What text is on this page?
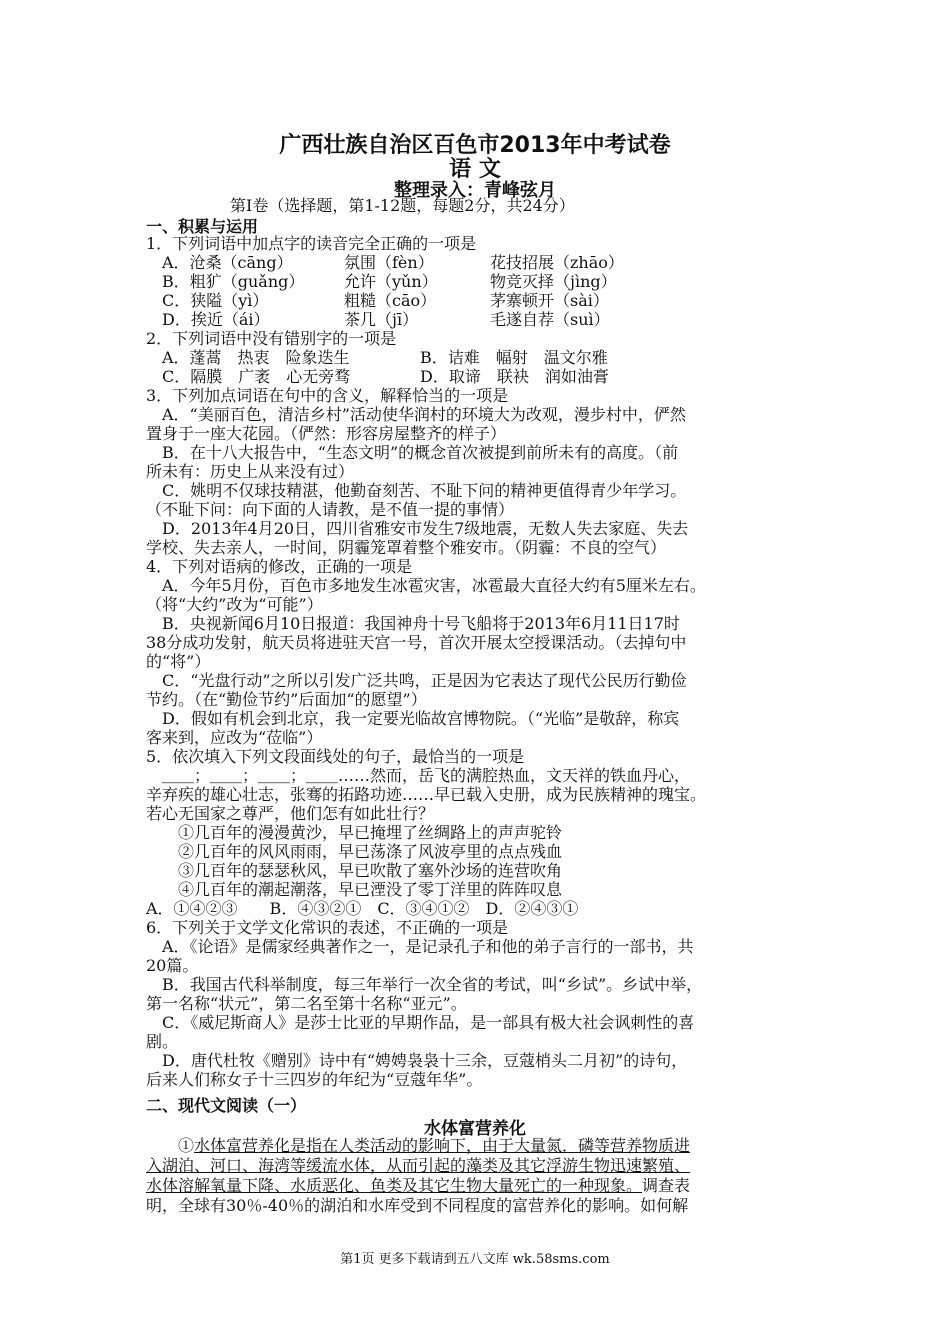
广西壮族自治区百色市2013年中考试卷
语 文
整理录入：青峰弦月
第Ⅰ卷（选择题，第1-12题，每题2分，共24分）
一、积累与运用
1．下列词语中加点字的读音完全正确的一项是
A．沧桑（cāng）	氛围（fèn）	花技招展（zhāo）
B．粗犷（guǎng） 允许（yǔn）	物竞灭择（jìng）
C．狭隘（yì）	粗糙（cāo）	茅寨顿开（sài）
D．挨近（ái）	茶几（jī）	毛遂自荐（suì）
2．下列词语中没有错别字的一项是
A．蓬蒿　热衷　险象迭生	B．诘难　幅射　温文尔雅
C．隔膜　广袤　心无旁骛	D．取谛　联袂　润如油膏
3．下列加点词语在句中的含义，解释恰当的一项是
　A．“美丽百色，清洁乡村”活动使华润村的环境大为改观，漫步村中，俨然
置身于一座大花园。（俨然：形容房屋整齐的样子）
　B．在十八大报告中，“生态文明”的概念首次被提到前所未有的高度。（前
所未有：历史上从来没有过）
　C．姚明不仅球技精湛，他勤奋刻苦、不耻下问的精神更值得青少年学习。
（不耻下问：向下面的人请教，是不值一提的事情）
　D．2013年4月20日，四川省雅安市发生7级地震，无数人失去家庭、失去
学校、失去亲人，一时间，阴霾笼罩着整个雅安市。（阴霾：不良的空气）
4．下列对语病的修改，正确的一项是
　A．今年5月份，百色市多地发生冰雹灾害，冰雹最大直径大约有5厘米左右。
（将“大约”改为“可能”）
　B．央视新闻6月10日报道：我国神舟十号飞船将于2013年6月11日17时
38分成功发射，航天员将进驻天宫一号，首次开展太空授课活动。（去掉句中
的“将”）
　C．“光盘行动”之所以引发广泛共鸣，正是因为它表达了现代公民历行勤俭
节约。（在“勤俭节约”后面加“的愿望”）
　D．假如有机会到北京，我一定要光临故宫博物院。（“光临”是敬辞，称宾
客来到，应改为“莅临”）
5．依次填入下列文段面线处的句子，最恰当的一项是
　＿＿；＿＿；＿＿；＿＿……然而，岳飞的满腔热血，文天祥的铁血丹心，
辛弃疾的雄心壮志，张骞的拓路功迹……早已载入史册，成为民族精神的瑰宝。
若心无国家之尊严，他们怎有如此壮行？
　　①几百年的漫漫黄沙，早已掩埋了丝绸路上的声声驼铃
　　②几百年的风风雨雨，早已荡涤了风波亭里的点点残血
　　③几百年的瑟瑟秋风，早已吹散了塞外沙场的连营吹角
　　④几百年的潮起潮落，早已湮没了零丁洋里的阵阵叹息
A．①④②③　　B．④③②①　C．③④①②　D．②④③①
6．下列关于文学文化常识的表述，不正确的一项是
　A．《论语》是儒家经典著作之一，是记录孔子和他的弟子言行的一部书，共
20篇。
　B．我国古代科举制度，每三年举行一次全省的考试，叫“乡试”。乡试中举，
第一名称“状元”，第二名至第十名称“亚元”。
　C．《威尼斯商人》是莎士比亚的早期作品，是一部具有极大社会讽刺性的喜
剧。
　D．唐代杜牧《赠别》诗中有“娉娉袅袅十三余，豆蔻梢头二月初”的诗句，
后来人们称女子十三四岁的年纪为“豆蔻年华”。
二、现代文阅读（一）
水体富营养化
　　①水体富营养化是指在人类活动的影响下，由于大量氮．磷等营养物质进
入湖泊、河口、海湾等缓流水体，从而引起的藻类及其它浮游生物迅速繁殖、
水体溶解氧量下降、水质恶化、鱼类及其它生物大量死亡的一种现象。调查表
明，全球有30％-40％的湖泊和水库受到不同程度的富营养化的影响。如何解
第1页 更多下载请到五八文库 wk.58sms.com
